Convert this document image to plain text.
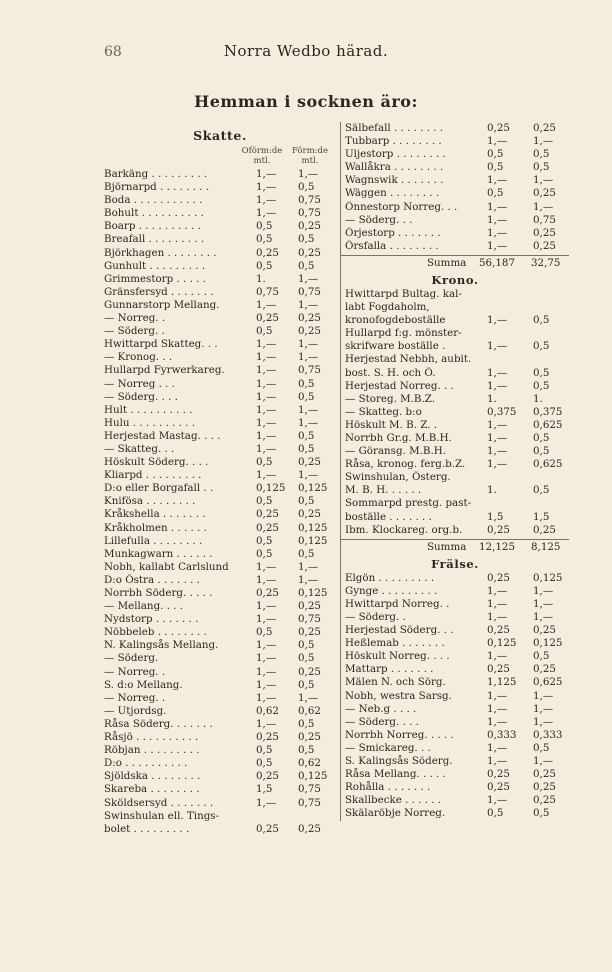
68	Norra Wedbo härad.
Hemman i socknen äro:
Skatte.
Oförm:de mtl.
Förm:de mtl.
Barkäng . . . . . . . . .	1,— 1,—
Björnarpd . . . . . . . .	1,— 0,5
Boda . . . . . . . . . . .	1,— 0,75
Bohult . . . . . . . . . .	1,— 0,75
Boarp . . . . . . . . . .	0,5 0,25
Breafall . . . . . . . . .	0,5 0,5
Björkhagen . . . . . . . .	0,25 0,25
Gunhult . . . . . . . . .	0,5 0,5
Grimmestorp . . . . .	1.	1,—
Gränsfersyd . . . . . . .	0,75 0,75
Gunnarstorp Mellang.	1,— 1,—
— Norreg. .	0,25 0,25
— Söderg. .	0,5 0,25
Hwittarpd Skatteg. . .	1,— 1,—
— Kronog. . .	1,— 1,—
Hullarpd Fyrwerkareg.	1,— 0,75
— Norreg . . .	1,— 0,5
— Söderg. . . .	1,— 0,5
Hult . . . . . . . . . .	1,— 1,—
Hulu . . . . . . . . . .	1,— 1,—
Herjestad Mastag. . . .	1,— 0,5
— Skatteg. . .	1,— 0,5
Höskult Söderg. . . .	0,5 0,25
Kliarpd . . . . . . . . .	1,— 1,—
D:o eller Borgafall . .	0,125 0,125
Knifösa . . . . . . . .	0,5 0,5
Kråkshella . . . . . . .	0,25 0,25
Kråkholmen . . . . . .	0,25 0,125
Lillefulla . . . . . . . .	0,5 0,125
Munkagwarn . . . . . .	0,5 0,5
Nobh, kallabt Carlslund	1,— 1,—
D:o Östra . . . . . . .	1,— 1,—
Norrbh Söderg. . . . .	0,25 0,125
— Mellang. . . .	1,— 0,25
Nydstorp . . . . . . .	1,— 0,75
Nöbbeleb . . . . . . . .	0,5 0,25
N. Kalingsås Mellang.	1,— 0,5
— Söderg.	1,— 0,5
— Norreg. .	1,— 0,25
S. d:o Mellang.	1,— 0,5
— Norreg. .	1,— 1,—
— Utjordsg.	0,62 0,62
Råsa Söderg. . . . . . .	1,— 0,5
Råsjö . . . . . . . . . .	0,25 0,25
Röbjan . . . . . . . . .	0,5 0,5
D:o . . . . . . . . . .	0,5 0,62
Sjöldska . . . . . . . .	0,25 0,125
Skareba . . . . . . . .	1,5 0,75
Sköldsersyd . . . . . . .	1,— 0,75
Swinshulan ell. Tings-
bolet . . . . . . . . .	0,25 0,25
Sälbefall . . . . . . . .	0,25 0,25
Tubbarp . . . . . . . .	1,—	1,—
Uljestorp . . . . . . . .	0,5	0,5
Wallåkra . . . . . . . .	0,5	0,5
Wagnswik . . . . . . .	1,—	1,—
Wäggen . . . . . . . .	0,5	0,25
Önnestorp Norreg. . .	1,—	1,—
— Söderg. . .	1,—	0,75
Örjestorp . . . . . . .	1,—	0,25
Örsfalla . . . . . . . .	1,—	0,25
Summa 56,187 32,75
Krono.
Hwittarpd Bultag. kal-
labt Fogdaholm,
kronofogdeboställe	1,—	0,5
Hullarpd f:g. mönster-
skrifware boställe .	1,—	0,5
Herjestad Nebbh, aubit.
bost. S. H. och Ö.	1,—	0,5
Herjestad Norreg. . .	1,—	0,5
— Storeg. M.B.Z.	1.	1.
— Skatteg. b:o	0,375 0,375
Höskult M. B. Z. .	1,—	0,625
Norrbh Gr.g. M.B.H.	1,—	0,5
— Göransg. M.B.H.	1,—	0,5
Råsa, kronog. ferg.b.Z.	1,—	0,625
Swinshulan, Österg.
M. B. H. . . . . .	1.	0,5
Sommarpd prestg. past-
boställe . . . . . . .	1,5	1,5
Ibm. Klockareg. org.b.	0,25 0,25
Summa 12,125 8,125
Frälse.
Elgön . . . . . . . . .	0,25 0,125
Gynge . . . . . . . . .	1,—	1,—
Hwittarpd Norreg. .	1,—	1,—
— Söderg. .	1,—	1,—
Herjestad Söderg. . .	0,25 0,25
Heßlemab . . . . . . .	0,125 0,125
Höskult Norreg. . . .	1,—	0,5
Mattarp . . . . . . .	0,25 0,25
Mälen N. och Sörg.	1,125 0,625
Nobh, westra Sarsg.	1,—	1,—
— Neb.g . . . .	1,—	1,—
— Söderg. . . .	1,—	1,—
Norrbh Norreg. . . . .	0,333 0,333
— Smickareg. . .	1,—	0,5
S. Kalingsås Söderg.	1,—	1,—
Råsa Mellang. . . . .	0,25 0,25
Rohålla . . . . . . .	0,25 0,25
Skallbecke . . . . . .	1,—	0,25
Skälaröbje Norreg.	0,5	0,5
